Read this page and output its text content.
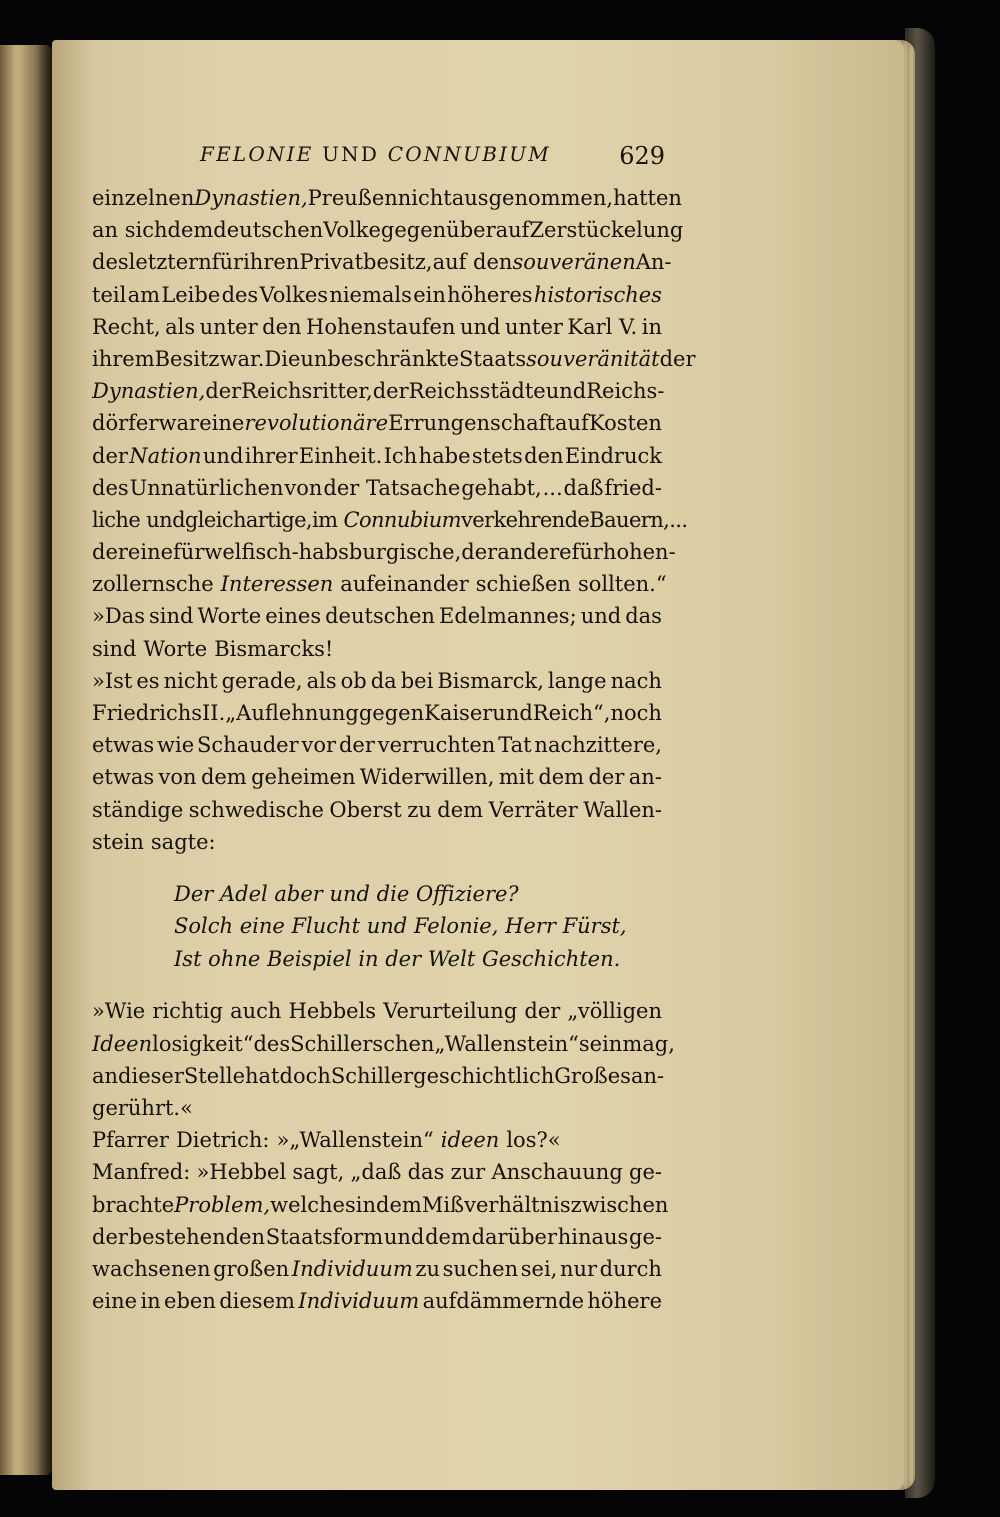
FELONIE UND CONNUBIUM	629
einzelnen Dynastien, Preußen nicht ausgenommen, hatten
an sich dem deutschen Volke gegenüber auf Zerstückelung
des letztern für ihren Privatbesitz, auf den souveränen An-
teil am Leibe des Volkes niemals ein höheres historisches
Recht, als unter den Hohenstaufen und unter Karl V. in
ihrem Besitz war. Die unbeschränkte Staatssouveränität der
Dynastien, der Reichsritter, der Reichsstädte und Reichs-
dörfer war eine revolutionäre Errungenschaft auf Kosten
der Nation und ihrer Einheit. Ich habe stets den Eindruck
des Unnatürlichen von der Tatsache gehabt, ... daß fried-
liche und gleichartige, im Connubium verkehrende Bauern, ...
der eine für welfisch-habsburgische, der andere für hohen-
zollernsche Interessen aufeinander schießen sollten.“
»Das sind Worte eines deutschen Edelmannes; und das
sind Worte Bismarcks!
»Ist es nicht gerade, als ob da bei Bismarck, lange nach
Friedrichs II. „Auflehnung gegen Kaiser und Reich“, noch
etwas wie Schauder vor der verruchten Tat nachzittere,
etwas von dem geheimen Widerwillen, mit dem der an-
ständige schwedische Oberst zu dem Verräter Wallen-
stein sagte:
Der Adel aber und die Offiziere?
Solch eine Flucht und Felonie, Herr Fürst,
Ist ohne Beispiel in der Welt Geschichten.
»Wie richtig auch Hebbels Verurteilung der „völligen
Ideenlosigkeit“ des Schillerschen „Wallenstein“ sein mag,
an dieser Stelle hat doch Schiller geschichtlich Großes an-
gerührt.«
Pfarrer Dietrich: »„Wallenstein“ ideen los?«
Manfred: »Hebbel sagt, „daß das zur Anschauung ge-
brachte Problem, welches in dem Mißverhältnis zwischen
der bestehenden Staatsform und dem darüber hinaus ge-
wachsenen großen Individuum zu suchen sei, nur durch
eine in eben diesem Individuum aufdämmernde höhere
